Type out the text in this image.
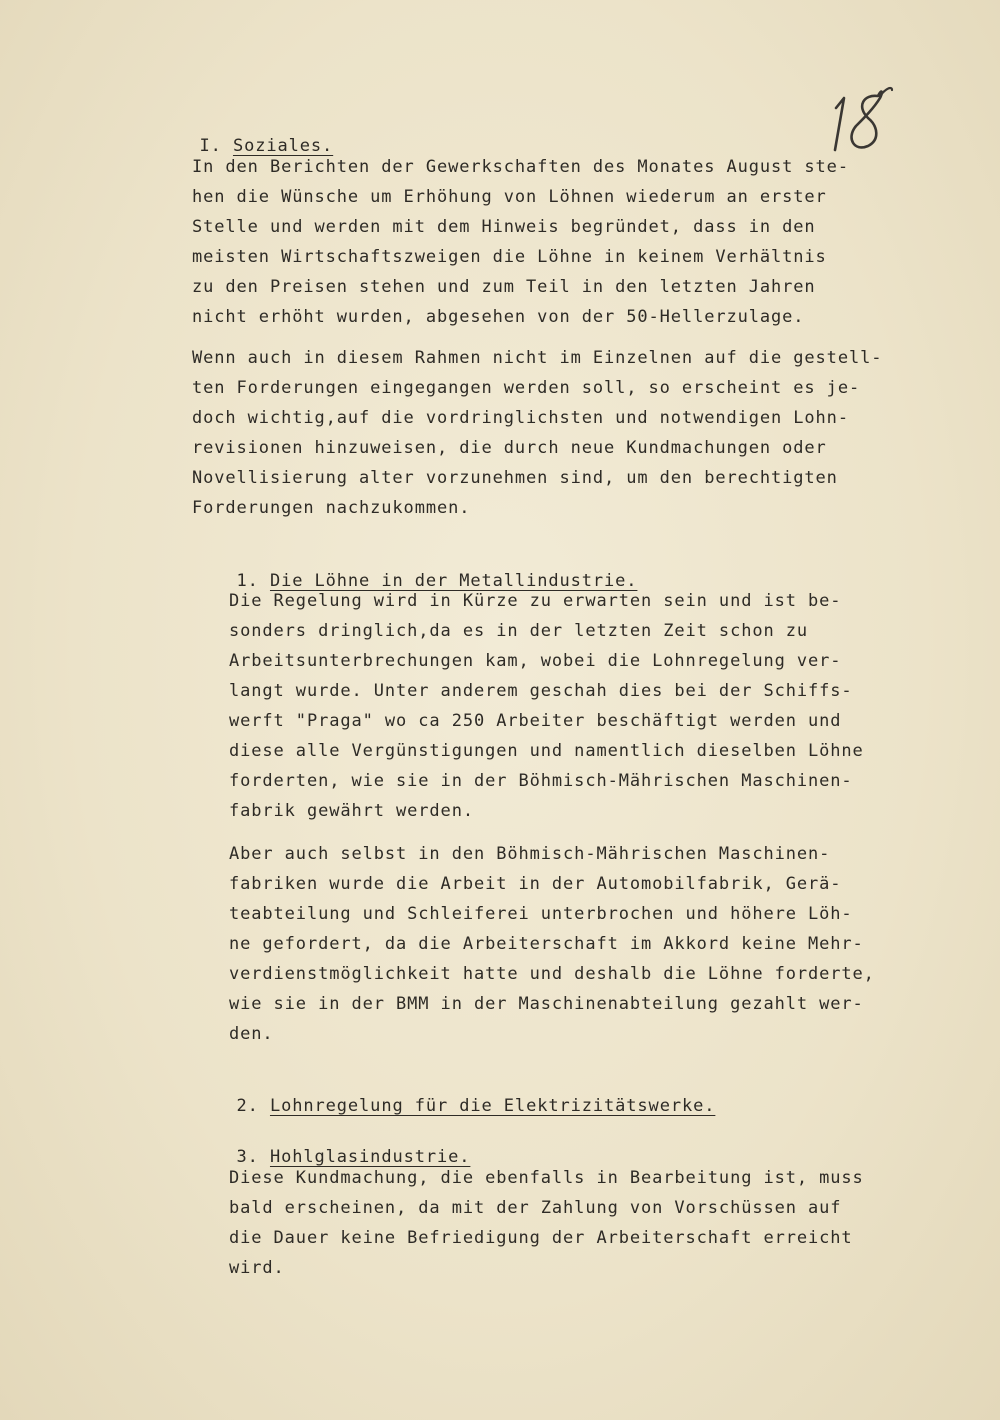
I. Soziales.

In den Berichten der Gewerkschaften des Monates August ste-
hen die Wünsche um Erhöhung von Löhnen wiederum an erster
Stelle und werden mit dem Hinweis begründet, dass in den
meisten Wirtschaftszweigen die Löhne in keinem Verhältnis
zu den Preisen stehen und zum Teil in den letzten Jahren
nicht erhöht wurden, abgesehen von der 50-Hellerzulage.
Wenn auch in diesem Rahmen nicht im Einzelnen auf die gestell-
ten Forderungen eingegangen werden soll, so erscheint es je-
doch wichtig,auf die vordringlichsten und notwendigen Lohn-
revisionen hinzuweisen, die durch neue Kundmachungen oder
Novellisierung alter vorzunehmen sind, um den berechtigten
Forderungen nachzukommen.

1. Die Löhne in der Metallindustrie.

Die Regelung wird in Kürze zu erwarten sein und ist be-
sonders dringlich,da es in der letzten Zeit schon zu
Arbeitsunterbrechungen kam, wobei die Lohnregelung ver-
langt wurde. Unter anderem geschah dies bei der Schiffs-
werft "Praga" wo ca 250 Arbeiter beschäftigt werden und
diese alle Vergünstigungen und namentlich dieselben Löhne
forderten, wie sie in der Böhmisch-Mährischen Maschinen-
fabrik gewährt werden.
Aber auch selbst in den Böhmisch-Mährischen Maschinen-
fabriken wurde die Arbeit in der Automobilfabrik, Gerä-
teabteilung und Schleiferei unterbrochen und höhere Löh-
ne gefordert, da die Arbeiterschaft im Akkord keine Mehr-
verdienstmöglichkeit hatte und deshalb die Löhne forderte,
wie sie in der BMM in der Maschinenabteilung gezahlt wer-
den.

2. Lohnregelung für die Elektrizitätswerke.

3. Hohlglasindustrie.

Diese Kundmachung, die ebenfalls in Bearbeitung ist, muss
bald erscheinen, da mit der Zahlung von Vorschüssen auf
die Dauer keine Befriedigung der Arbeiterschaft erreicht
wird.
